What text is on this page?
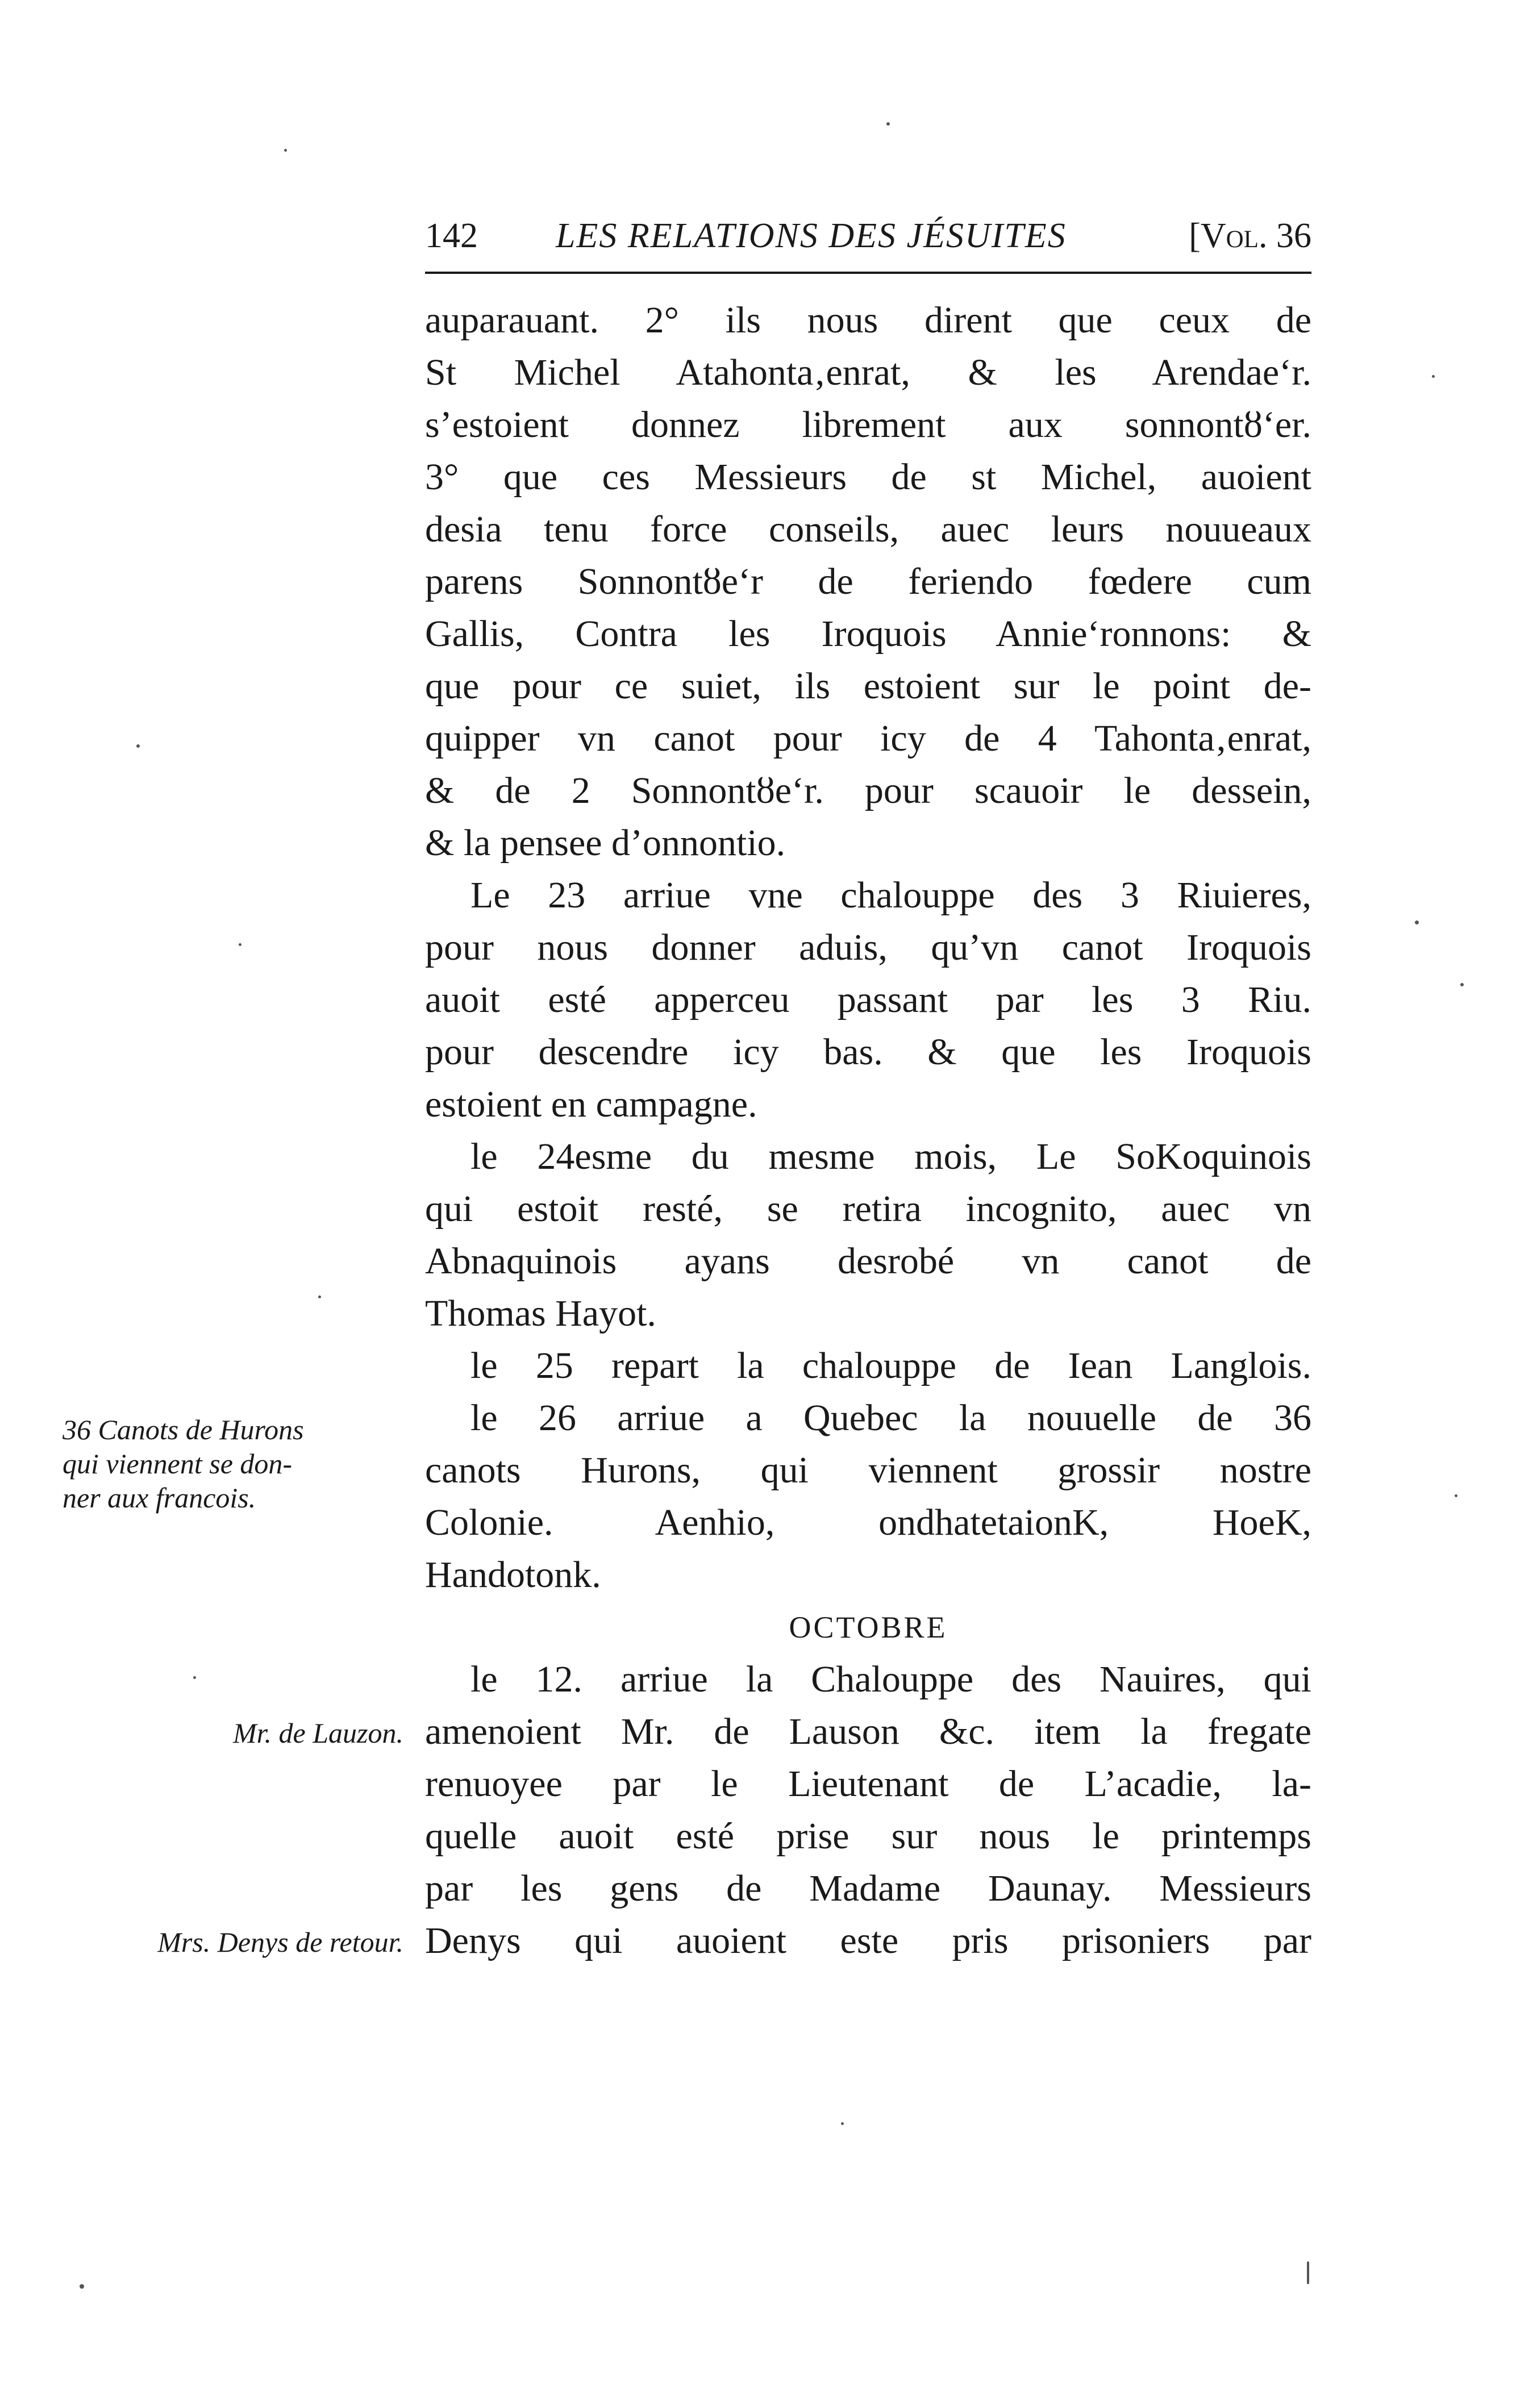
142 LES RELATIONS DES JÉSUITES	[Vol. 36
auparauant. 2° ils nous dirent que ceux de
St Michel Atahonta‚enrat, & les Arendae‘r.
s’estoient donnez librement aux sonnontȣ‘er.
3° que ces Messieurs de st Michel, auoient
desia tenu force conseils, auec leurs nouueaux
parens Sonnontȣe‘r de feriendo fœdere cum
Gallis, Contra les Iroquois Annie‘ronnons: &
que pour ce suiet, ils estoient sur le point de-
quipper vn canot pour icy de 4 Tahonta‚enrat,
& de 2 Sonnontȣe‘r. pour scauoir le dessein,
& la pensee d’onnontio.
Le 23 arriue vne chalouppe des 3 Riuieres,
pour nous donner aduis, qu’vn canot Iroquois
auoit esté apperceu passant par les 3 Riu.
pour descendre icy bas. & que les Iroquois
estoient en campagne.
le 24esme du mesme mois, Le SoKoquinois
qui estoit resté, se retira incognito, auec vn
Abnaquinois ayans desrobé vn canot de
Thomas Hayot.
le 25 repart la chalouppe de Iean Langlois.
le 26 arriue a Quebec la nouuelle de 36
canots Hurons, qui viennent grossir nostre
Colonie. Aenhio, ondhatetaionK, HoeK,
Handotonk.
OCTOBRE
le 12. arriue la Chalouppe des Nauires, qui
amenoient Mr. de Lauson &c. item la fregate
renuoyee par le Lieutenant de L’acadie, la-
quelle auoit esté prise sur nous le printemps
par les gens de Madame Daunay. Messieurs
Denys qui auoient este pris prisoniers par
36 Canots de Hurons
qui viennent se don-
ner aux francois.
Mr. de Lauzon.
Mrs. Denys de retour.
